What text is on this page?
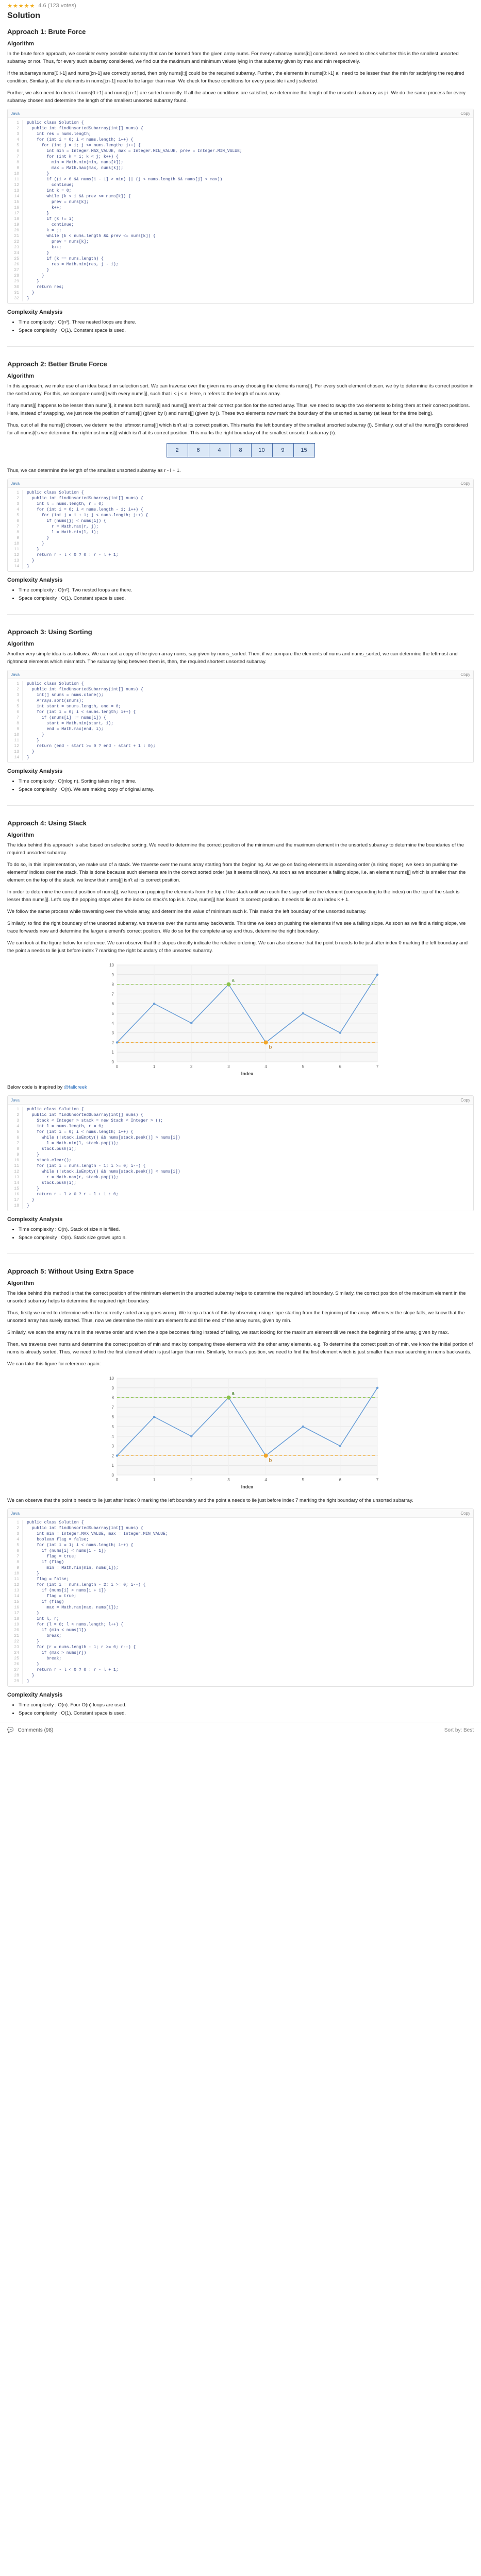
★★★★★ 4.6 (123 votes)
Solution
Approach 1: Brute Force
Algorithm

In the brute force approach, we consider every possible subarray that can be formed from the given array nums. For every subarray nums[i:j] considered, we need to check whether this is the smallest unsorted subarray or not. Thus, for every such subarray considered, we find out the maximum and minimum values lying in that subarray given by max and min respectively.

If the subarrays nums[0:i-1] and nums[j:n-1] are correctly sorted, then only nums[i:j] could be the required subarray. Further, the elements in nums[0:i-1] all need to be lesser than the min for satisfying the required condition. Similarly, all the elements in nums[j:n-1] need to be larger than max. We check for these conditions for every possible i and j selected.

Further, we also need to check if nums[0:i-1] and nums[j:n-1] are sorted correctly. If all the above conditions are satisfied, we determine the length of the unsorted subarray as j-i. We do the same process for every subarray chosen and determine the length of the smallest unsorted subarray found.

Java	Copy
1
2
3
4
5
6
7
8
9
10
11
12
13
14
15
16
17
18
19
20
21
22
23
24
25
26
27
28
29
30
31
32
public class Solution {
public int findUnsortedSubarray(int[] nums) {
int res = nums.length;
for (int i = 0; i < nums.length; i++) {
for (int j = i; j <= nums.length; j++) {
int min = Integer.MAX_VALUE, max = Integer.MIN_VALUE, prev = Integer.MIN_VALUE;
for (int k = i; k < j; k++) {
min = Math.min(min, nums[k]);
max = Math.max(max, nums[k]);
}
if ((i > 0 && nums[i - 1] > min) || (j < nums.length && nums[j] < max))
continue;
int k = 0;
while (k < i && prev <= nums[k]) {
prev = nums[k];
k++;
}
if (k != i)
continue;
k = j;
while (k < nums.length && prev <= nums[k]) {
prev = nums[k];
k++;
}
if (k == nums.length) {
res = Math.min(res, j - i);
}
}
}
return res;
}
}
Complexity Analysis
• Time complexity : O(n³). Three nested loops are there.
• Space complexity : O(1). Constant space is used.
Approach 2: Better Brute Force
Algorithm

In this approach, we make use of an idea based on selection sort. We can traverse over the given nums array choosing the elements nums[i]. For every such element chosen, we try to determine its correct position in the sorted array. For this, we compare nums[i] with every nums[j], such that i < j < n. Here, n refers to the length of nums array.

If any nums[j] happens to be lesser than nums[i], it means both nums[i] and nums[j] aren't at their correct position for the sorted array. Thus, we need to swap the two elements to bring them at their correct positions. Here, instead of swapping, we just note the position of nums[i] (given by i) and nums[j] (given by j). These two elements now mark the boundary of the unsorted subarray (at least for the time being).

Thus, out of all the nums[i] chosen, we determine the leftmost nums[i] which isn't at its correct position. This marks the left boundary of the smallest unsorted subarray (l). Similarly, out of all the nums[j]'s considered for all nums[i]'s we determine the rightmost nums[j] which isn't at its correct position. This marks the right boundary of the smallest unsorted subarray (r).

2	6	4	8	10	9	15

Thus, we can determine the length of the smallest unsorted subarray as r - l + 1.

Java	Copy
1
2
3
4
5
6
7
8
9
10
11
12
13
14
public class Solution {
public int findUnsortedSubarray(int[] nums) {
int l = nums.length, r = 0;
for (int i = 0; i < nums.length - 1; i++) {
for (int j = i + 1; j < nums.length; j++) {
if (nums[j] < nums[i]) {
r = Math.max(r, j);
l = Math.min(l, i);
}
}
}
return r - l < 0 ? 0 : r - l + 1;
}
}
Complexity Analysis
• Time complexity : O(n²). Two nested loops are there.
• Space complexity : O(1). Constant space is used.
Approach 3: Using Sorting
Algorithm

Another very simple idea is as follows. We can sort a copy of the given array nums, say given by nums_sorted. Then, if we compare the elements of nums and nums_sorted, we can determine the leftmost and rightmost elements which mismatch. The subarray lying between them is, then, the required shortest unsorted subarray.

Java	Copy
1
2
3
4
5
6
7
8
9
10
11
12
13
14
public class Solution {
public int findUnsortedSubarray(int[] nums) {
int[] snums = nums.clone();
Arrays.sort(snums);
int start = snums.length, end = 0;
for (int i = 0; i < snums.length; i++) {
if (snums[i] != nums[i]) {
start = Math.min(start, i);
end = Math.max(end, i);
}
}
return (end - start >= 0 ? end - start + 1 : 0);
}
}
Complexity Analysis
• Time complexity : O(nlog n). Sorting takes nlog n time.
• Space complexity : O(n). We are making copy of original array.
Approach 4: Using Stack
Algorithm

The idea behind this approach is also based on selective sorting. We need to determine the correct position of the minimum and the maximum element in the unsorted subarray to determine the boundaries of the required unsorted subarray.

To do so, in this implementation, we make use of a stack. We traverse over the nums array starting from the beginning. As we go on facing elements in ascending order (a rising slope), we keep on pushing the elements' indices over the stack. This is done because such elements are in the correct sorted order (as it seems till now). As soon as we encounter a falling slope, i.e. an element nums[j] which is smaller than the element on the top of the stack, we know that nums[j] isn't at its correct position.

In order to determine the correct position of nums[j], we keep on popping the elements from the top of the stack until we reach the stage where the element (corresponding to the index) on the top of the stack is lesser than nums[j]. Let's say the popping stops when the index on stack's top is k. Now, nums[j] has found its correct position. It needs to lie at an index k + 1.

We follow the same process while traversing over the whole array, and determine the value of minimum such k. This marks the left boundary of the unsorted subarray.

Similarly, to find the right boundary of the unsorted subarray, we traverse over the nums array backwards. This time we keep on pushing the elements if we see a falling slope. As soon as we find a rising slope, we trace forwards now and determine the larger element's correct position. We do so for the complete array and thus, determine the right boundary.

We can look at the figure below for reference. We can observe that the slopes directly indicate the relative ordering. We can also observe that the point b needs to lie just after index 0 marking the left boundary and the point a needs to lie just before index 7 marking the right boundary of the unsorted subarray.

0
1
2
3
4
5
6
7
8
9
10
0	1	2	3	4	5	6	7
Index
a
b

Below code is inspired by @fallcreek

Java	Copy
1
2
3
4
5
6
7
8
9
10
11
12
13
14
15
16
17
18
public class Solution {
public int findUnsortedSubarray(int[] nums) {
Stack < Integer > stack = new Stack < Integer > ();
int l = nums.length, r = 0;
for (int i = 0; i < nums.length; i++) {
while (!stack.isEmpty() && nums[stack.peek()] > nums[i])
l = Math.min(l, stack.pop());
stack.push(i);
}
stack.clear();
for (int i = nums.length - 1; i >= 0; i--) {
while (!stack.isEmpty() && nums[stack.peek()] < nums[i])
r = Math.max(r, stack.pop());
stack.push(i);
}
return r - l > 0 ? r - l + 1 : 0;
}
}
Complexity Analysis
• Time complexity : O(n). Stack of size n is filled.
• Space complexity : O(n). Stack size grows upto n.
Approach 5: Without Using Extra Space
Algorithm

The idea behind this method is that the correct position of the minimum element in the unsorted subarray helps to determine the required left boundary. Similarly, the correct position of the maximum element in the unsorted subarray helps to determine the required right boundary.

Thus, firstly we need to determine when the correctly sorted array goes wrong. We keep a track of this by observing rising slope starting from the beginning of the array. Whenever the slope falls, we know that the unsorted array has surely started. Thus, now we determine the minimum element found till the end of the array nums, given by min.

Similarly, we scan the array nums in the reverse order and when the slope becomes rising instead of falling, we start looking for the maximum element till we reach the beginning of the array, given by max.

Then, we traverse over nums and determine the correct position of min and max by comparing these elements with the other array elements. e.g. To determine the correct position of min, we know the initial portion of nums is already sorted. Thus, we need to find the first element which is just larger than min. Similarly, for max's position, we need to find the first element which is just smaller than max searching in nums backwards.

We can take this figure for reference again:

0
1
2
3
4
5
6
7
8
9
10
0	1	2	3	4	5	6	7
Index
a
b

We can observe that the point b needs to lie just after index 0 marking the left boundary and the point a needs to lie just before index 7 marking the right boundary of the unsorted subarray.

Java	Copy
1
2
3
4
5
6
7
8
9
10
11
12
13
14
15
16
17
18
19
20
21
22
23
24
25
26
27
28
29
public class Solution {
public int findUnsortedSubarray(int[] nums) {
int min = Integer.MAX_VALUE, max = Integer.MIN_VALUE;
boolean flag = false;
for (int i = 1; i < nums.length; i++) {
if (nums[i] < nums[i - 1])
flag = true;
if (flag)
min = Math.min(min, nums[i]);
}
flag = false;
for (int i = nums.length - 2; i >= 0; i--) {
if (nums[i] > nums[i + 1])
flag = true;
if (flag)
max = Math.max(max, nums[i]);
}
int l, r;
for (l = 0; l < nums.length; l++) {
if (min < nums[l])
break;
}
for (r = nums.length - 1; r >= 0; r--) {
if (max > nums[r])
break;
}
return r - l < 0 ? 0 : r - l + 1;
}
}
Complexity Analysis
• Time complexity : O(n). Four O(n) loops are used.
• Space complexity : O(1). Constant space is used.
💬 Comments (98)	Sort by: Best
